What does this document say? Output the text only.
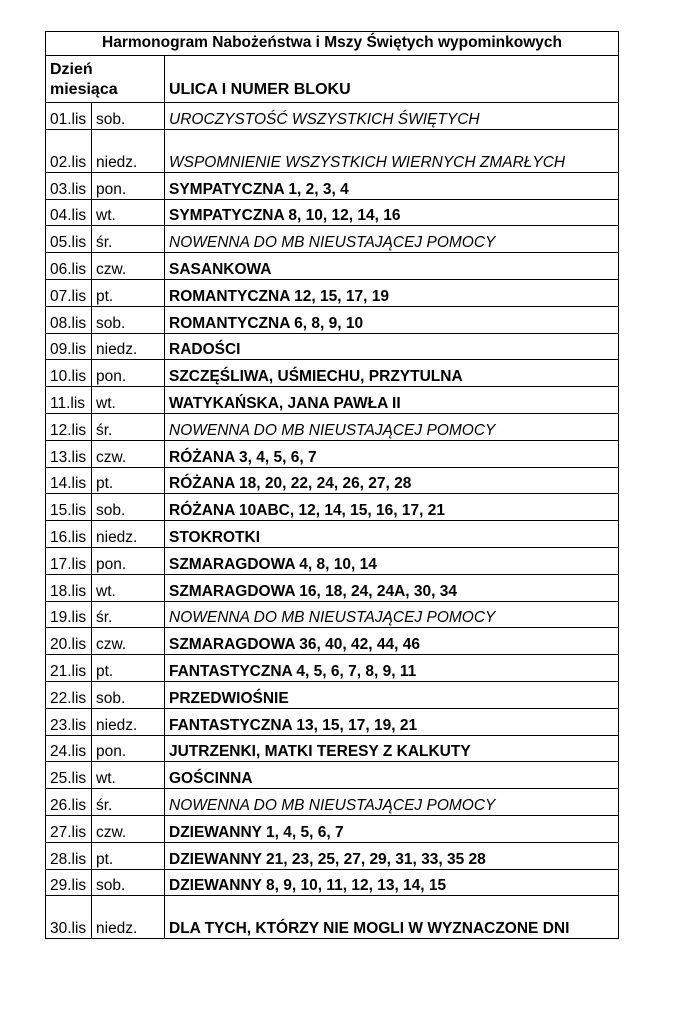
Harmonogram Nabożeństwa i Mszy Świętych wypominkowych		
Dzień miesiąca		ULICA I NUMER BLOKU
01.lis	sob.	UROCZYSTOŚĆ WSZYSTKICH ŚWIĘTYCH
02.lis	niedz.	WSPOMNIENIE WSZYSTKICH WIERNYCH ZMARŁYCH
03.lis	pon.	SYMPATYCZNA 1, 2, 3, 4
04.lis	wt.	SYMPATYCZNA 8, 10, 12, 14, 16
05.lis	śr.	NOWENNA DO MB NIEUSTAJĄCEJ POMOCY
06.lis	czw.	SASANKOWA
07.lis	pt.	ROMANTYCZNA 12, 15, 17, 19
08.lis	sob.	ROMANTYCZNA 6, 8, 9, 10
09.lis	niedz.	RADOŚCI
10.lis	pon.	SZCZĘŚLIWA, UŚMIECHU, PRZYTULNA
11.lis	wt.	WATYKAŃSKA, JANA PAWŁA II
12.lis	śr.	NOWENNA DO MB NIEUSTAJĄCEJ POMOCY
13.lis	czw.	RÓŻANA 3, 4, 5, 6, 7
14.lis	pt.	RÓŻANA 18, 20, 22, 24, 26, 27, 28
15.lis	sob.	RÓŻANA 10ABC, 12, 14, 15, 16, 17, 21
16.lis	niedz.	STOKROTKI
17.lis	pon.	SZMARAGDOWA 4, 8, 10, 14
18.lis	wt.	SZMARAGDOWA 16, 18, 24, 24A, 30, 34
19.lis	śr.	NOWENNA DO MB NIEUSTAJĄCEJ POMOCY
20.lis	czw.	SZMARAGDOWA 36, 40, 42, 44, 46
21.lis	pt.	FANTASTYCZNA 4, 5, 6, 7, 8, 9, 11
22.lis	sob.	PRZEDWIOŚNIE
23.lis	niedz.	FANTASTYCZNA 13, 15, 17, 19, 21
24.lis	pon.	JUTRZENKI, MATKI TERESY Z KALKUTY
25.lis	wt.	GOŚCINNA
26.lis	śr.	NOWENNA DO MB NIEUSTAJĄCEJ POMOCY
27.lis	czw.	DZIEWANNY 1, 4, 5, 6, 7
28.lis	pt.	DZIEWANNY 21, 23, 25, 27, 29, 31, 33, 35 28
29.lis	sob.	DZIEWANNY 8, 9, 10, 11, 12, 13, 14, 15
30.lis	niedz.	DLA TYCH, KTÓRZY NIE MOGLI W WYZNACZONE DNI
